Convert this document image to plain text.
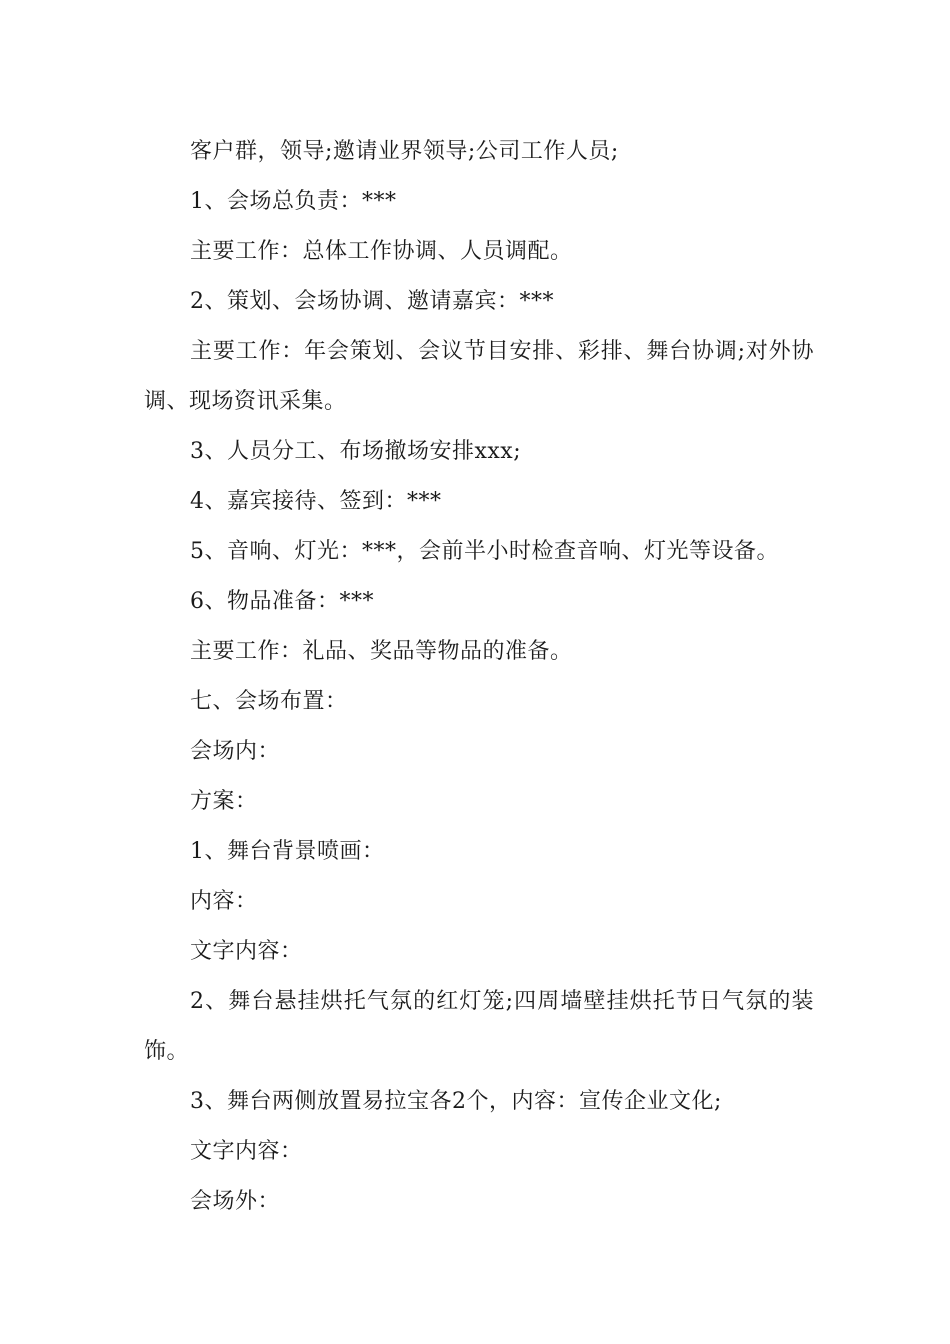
客户群，领导;邀请业界领导;公司工作人员;

1、会场总负责：***

主要工作：总体工作协调、人员调配。

2、策划、会场协调、邀请嘉宾：***

主要工作：年会策划、会议节目安排、彩排、舞台协调;对外协调、现场资讯采集。

3、人员分工、布场撤场安排xxx;

4、嘉宾接待、签到：***

5、音响、灯光：***，会前半小时检查音响、灯光等设备。

6、物品准备：***

主要工作：礼品、奖品等物品的准备。

七、会场布置：

会场内：

方案：

1、舞台背景喷画：

内容：

文字内容：

2、舞台悬挂烘托气氛的红灯笼;四周墙壁挂烘托节日气氛的装饰。

3、舞台两侧放置易拉宝各2个，内容：宣传企业文化;

文字内容：

会场外：
